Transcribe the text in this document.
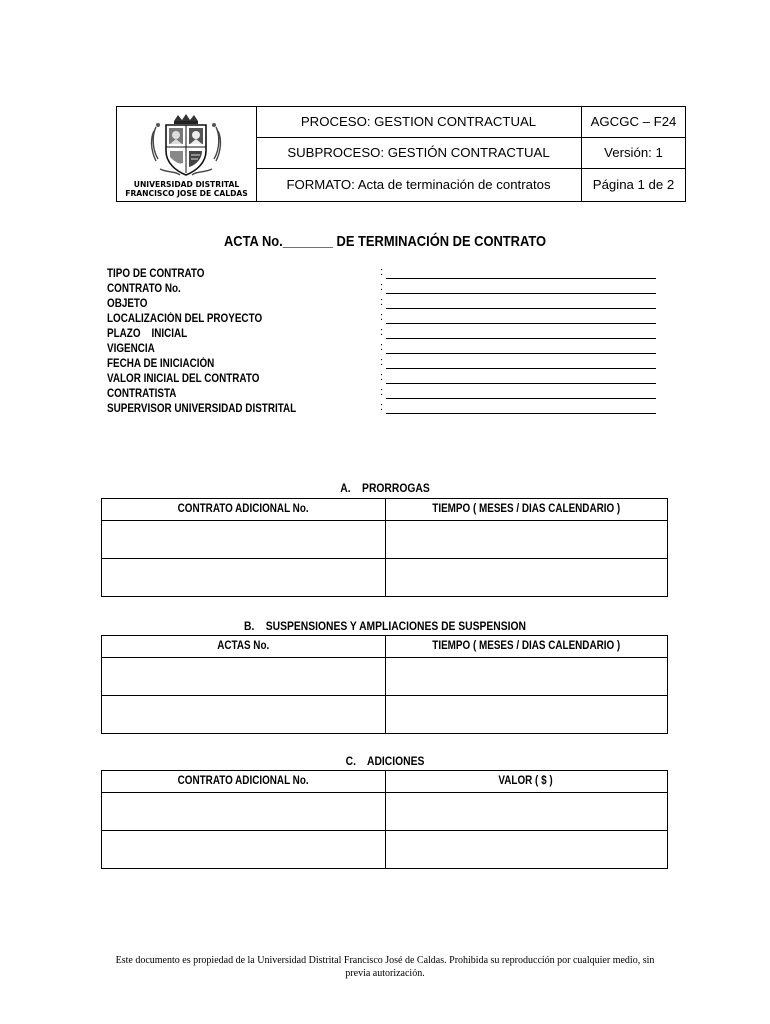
UNIVERSIDAD DISTRITAL
FRANCISCO JOSE DE CALDAS
PROCESO: GESTION CONTRACTUAL	AGCGC – F24
SUBPROCESO: GESTIÓN CONTRACTUAL	Versión: 1
FORMATO: Acta de terminación de contratos	Página 1 de 2
ACTA No._______ DE TERMINACIÓN DE CONTRATO
TIPO DE CONTRATO	:
CONTRATO No.	:
OBJETO	:
LOCALIZACIÓN DEL PROYECTO	:
PLAZO    INICIAL	:
VIGENCIA	:
FECHA DE INICIACIÓN	:
VALOR INICIAL DEL CONTRATO	:
CONTRATISTA	:
SUPERVISOR UNIVERSIDAD DISTRITAL	:
A.    PRORROGAS
CONTRATO ADICIONAL No.	TIEMPO ( MESES / DIAS CALENDARIO )
B.    SUSPENSIONES Y AMPLIACIONES DE SUSPENSION
ACTAS No.	TIEMPO ( MESES / DIAS CALENDARIO )
C.    ADICIONES
CONTRATO ADICIONAL No.	VALOR ( $ )
Este documento es propiedad de la Universidad Distrital Francisco José de Caldas. Prohibida su reproducción por cualquier medio, sin
previa autorización.
